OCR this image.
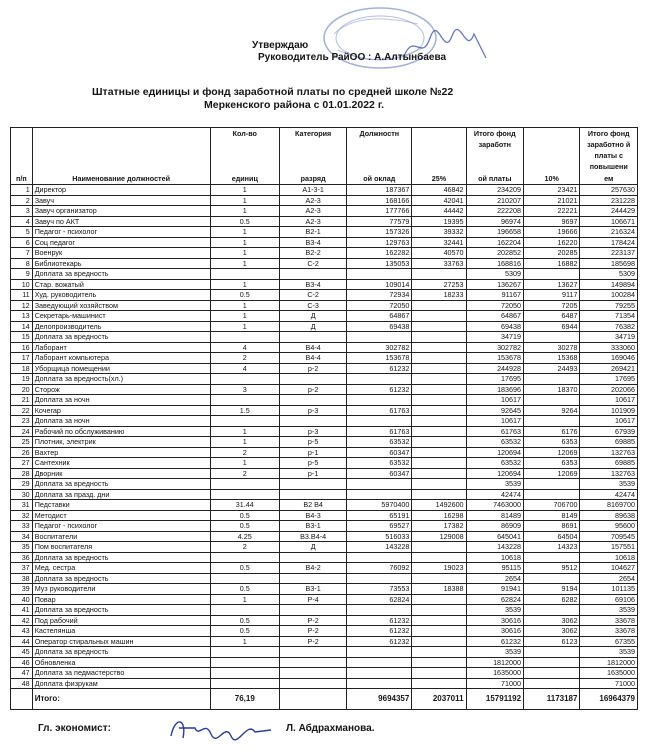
Утверждаю
Руководитель РайОО : А.Алтынбаева
Штатные единицы и фонд заработной платы по средней школе №22
Меркенского района с 01.01.2022 г.
		Кол-во	Категория	Должностн		Итого фонд заработн		Итого фонд заработно й платы с повышени
п/п	Наименование должностей	единиц	разряд	ой оклад	25%	ой платы	10%	ем
1	Директор	1	А1-3-1	187367	46842	234209	23421	257630
2	Завуч	1	А2-3	168166	42041	210207	21021	231228
3	Завуч организатор	1	А2-3	177766	44442	222208	22221	244429
4	Завуч по АКТ	0.5	А2-3	77579	19395	96974	9697	106671
5	Педагог - психолог	1	В2-1	157326	39332	196658	19666	216324
6	Соц педагог	1	В3-4	129763	32441	162204	16220	178424
7	Военрук	1	В2-2	162282	40570	202852	20285	223137
8	Библиотекарь	1	С-2	135053	33763	168816	16882	185698
9	Доплата за вредность					5309		5309
10	Стар. вожатый	1	В3-4	109014	27253	136267	13627	149894
11	Худ. руководитель	0.5	С-2	72934	18233	91167	9117	100284
12	Заведующий хозяйством	1	С-3	72050		72050	7205	79255
13	Секретарь-машинист	1	Д	64867		64867	6487	71354
14	Делопроизводитель	1	Д	69438		69438	6944	76382
15	Доплата за вредность					34719		34719
16	Лаборант	4	В4-4	302782		302782	30278	333060
17	Лаборант компьютера	2	В4-4	153678		153678	15368	169046
18	Уборщица помещении	4	р-2	61232		244928	24493	269421
19	Доплата за вредность(хл.)					17695		17695
20	Сторож	3	р-2	61232		183696	18370	202066
21	Доплата за ночн					10617		10617
22	Кочегар	1.5	р-3	61763		92645	9264	101909
23	Доплата за ночн					10617		10617
24	Рабочий по обслуживанию	1	р-3	61763		61763	6176	67939
25	Плотник, электрик	1	р-5	63532		63532	6353	69885
26	Вахтер	2	р-1	60347		120694	12069	132763
27	Сантехник	1	р-5	63532		63532	6353	69885
28	Дворник	2	р-1	60347		120694	12069	132763
29	Доплата за вредность					3539		3539
30	Доплата за празд. дни					42474		42474
31	Педставки	31.44	В2 В4	5970400	1492600	7463000	706700	8169700
32	Методист	0.5	В4-3	65191	16298	81489	8149	89638
33	Педагог - психолог	0.5	В3-1	69527	17382	86909	8691	95600
34	Воспитатели	4.25	В3.В4-4	516033	129008	645041	64504	709545
35	Пом воспитателя	2	Д	143228		143228	14323	157551
36	Доплата за вредность					10618		10618
37	Мед. сестра	0.5	В4-2	76092	19023	95115	9512	104627
38	Доплата за вредность					2654		2654
39	Муз руководители	0.5	В3-1	73553	18388	91941	9194	101135
40	Повар	1	Р-4	62824		62824	6282	69106
41	Доплата за вредность					3539		3539
42	Под рабочий	0.5	Р-2	61232		30616	3062	33678
43	Кастелянша	0.5	Р-2	61232		30616	3062	33678
44	Оператор стиральных машин	1	Р-2	61232		61232	6123	67355
45	Доплата за вредность					3539		3539
46	Обновленка					1812000		1812000
47	Доплата за педмастерство					1635000		1635000
48	Доплата физрукам					71000		71000
	Итого:	76,19		9694357	2037011	15791192	1173187	16964379
Гл. экономист:	Л. Абдрахманова.
